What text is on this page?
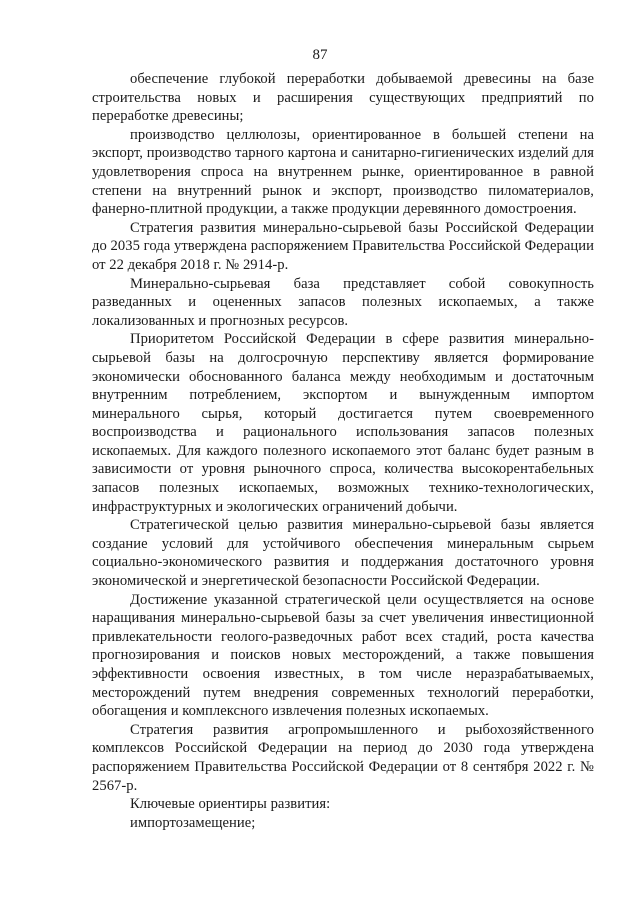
87

обеспечение глубокой переработки добываемой древесины на базе строительства новых и расширения существующих предприятий по переработке древесины;

производство целлюлозы, ориентированное в большей степени на экспорт, производство тарного картона и санитарно-гигиенических изделий для удовлетворения спроса на внутреннем рынке, ориентированное в равной степени на внутренний рынок и экспорт, производство пиломатериалов, фанерно-плитной продукции, а также продукции деревянного домостроения.

Стратегия развития минерально-сырьевой базы Российской Федерации до 2035 года утверждена распоряжением Правительства Российской Федерации от 22 декабря 2018 г. № 2914-р.

Минерально-сырьевая база представляет собой совокупность разведанных и оцененных запасов полезных ископаемых, а также локализованных и прогнозных ресурсов.

Приоритетом Российской Федерации в сфере развития минерально-сырьевой базы на долгосрочную перспективу является формирование экономически обоснованного баланса между необходимым и достаточным внутренним потреблением, экспортом и вынужденным импортом минерального сырья, который достигается путем своевременного воспроизводства и рационального использования запасов полезных ископаемых. Для каждого полезного ископаемого этот баланс будет разным в зависимости от уровня рыночного спроса, количества высокорентабельных запасов полезных ископаемых, возможных технико-технологических, инфраструктурных и экологических ограничений добычи.

Стратегической целью развития минерально-сырьевой базы является создание условий для устойчивого обеспечения минеральным сырьем социально-экономического развития и поддержания достаточного уровня экономической и энергетической безопасности Российской Федерации.

Достижение указанной стратегической цели осуществляется на основе наращивания минерально-сырьевой базы за счет увеличения инвестиционной привлекательности геолого-разведочных работ всех стадий, роста качества прогнозирования и поисков новых месторождений, а также повышения эффективности освоения известных, в том числе неразрабатываемых, месторождений путем внедрения современных технологий переработки, обогащения и комплексного извлечения полезных ископаемых.

Стратегия развития агропромышленного и рыбохозяйственного комплексов Российской Федерации на период до 2030 года утверждена распоряжением Правительства Российской Федерации от 8 сентября 2022 г. № 2567-р.

Ключевые ориентиры развития:

импортозамещение;
